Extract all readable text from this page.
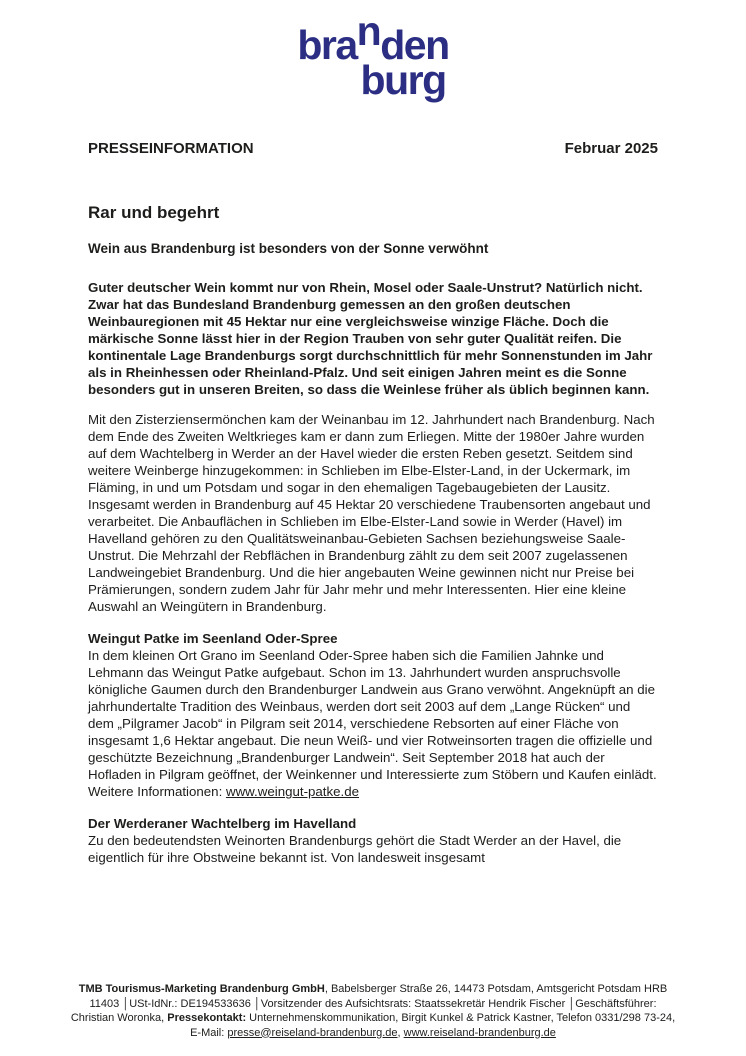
branden
burg
PRESSEINFORMATION	Februar 2025
Rar und begehrt
Wein aus Brandenburg ist besonders von der Sonne verwöhnt

Guter deutscher Wein kommt nur von Rhein, Mosel oder Saale-Unstrut? Natürlich nicht. Zwar hat das Bundesland Brandenburg gemessen an den großen deutschen Weinbauregionen mit 45 Hektar nur eine vergleichsweise winzige Fläche. Doch die märkische Sonne lässt hier in der Region Trauben von sehr guter Qualität reifen. Die kontinentale Lage Brandenburgs sorgt durchschnittlich für mehr Sonnenstunden im Jahr als in Rheinhessen oder Rheinland-Pfalz. Und seit einigen Jahren meint es die Sonne besonders gut in unseren Breiten, so dass die Weinlese früher als üblich beginnen kann.

Mit den Zisterziensermönchen kam der Weinanbau im 12. Jahrhundert nach Brandenburg. Nach dem Ende des Zweiten Weltkrieges kam er dann zum Erliegen. Mitte der 1980er Jahre wurden auf dem Wachtelberg in Werder an der Havel wieder die ersten Reben gesetzt. Seitdem sind weitere Weinberge hinzugekommen: in Schlieben im Elbe-Elster-Land, in der Uckermark, im Fläming, in und um Potsdam und sogar in den ehemaligen Tagebaugebieten der Lausitz. Insgesamt werden in Brandenburg auf 45 Hektar 20 verschiedene Traubensorten angebaut und verarbeitet. Die Anbauflächen in Schlieben im Elbe-Elster-Land sowie in Werder (Havel) im Havelland gehören zu den Qualitätsweinanbau-Gebieten Sachsen beziehungsweise Saale-Unstrut. Die Mehrzahl der Rebflächen in Brandenburg zählt zu dem seit 2007 zugelassenen Landweingebiet Brandenburg. Und die hier angebauten Weine gewinnen nicht nur Preise bei Prämierungen, sondern zudem Jahr für Jahr mehr und mehr Interessenten. Hier eine kleine Auswahl an Weingütern in Brandenburg.

Weingut Patke im Seenland Oder-Spree

In dem kleinen Ort Grano im Seenland Oder-Spree haben sich die Familien Jahnke und Lehmann das Weingut Patke aufgebaut. Schon im 13. Jahrhundert wurden anspruchsvolle königliche Gaumen durch den Brandenburger Landwein aus Grano verwöhnt. Angeknüpft an die jahrhundertalte Tradition des Weinbaus, werden dort seit 2003 auf dem „Lange Rücken“ und dem „Pilgramer Jacob“ in Pilgram seit 2014, verschiedene Rebsorten auf einer Fläche von insgesamt 1,6 Hektar angebaut. Die neun Weiß- und vier Rotweinsorten tragen die offizielle und geschützte Bezeichnung „Brandenburger Landwein“. Seit September 2018 hat auch der Hofladen in Pilgram geöffnet, der Weinkenner und Interessierte zum Stöbern und Kaufen einlädt. Weitere Informationen: www.weingut-patke.de

Der Werderaner Wachtelberg im Havelland

Zu den bedeutendsten Weinorten Brandenburgs gehört die Stadt Werder an der Havel, die eigentlich für ihre Obstweine bekannt ist. Von landesweit insgesamt

TMB Tourismus-Marketing Brandenburg GmbH, Babelsberger Straße 26, 14473 Potsdam, Amtsgericht Potsdam HRB 11403 │USt-IdNr.: DE194533636 │Vorsitzender des Aufsichtsrats: Staatssekretär Hendrik Fischer │Geschäftsführer: Christian Woronka, Pressekontakt: Unternehmenskommunikation, Birgit Kunkel & Patrick Kastner, Telefon 0331/298 73-24, E-Mail: presse@reiseland-brandenburg.de, www.reiseland-brandenburg.de
